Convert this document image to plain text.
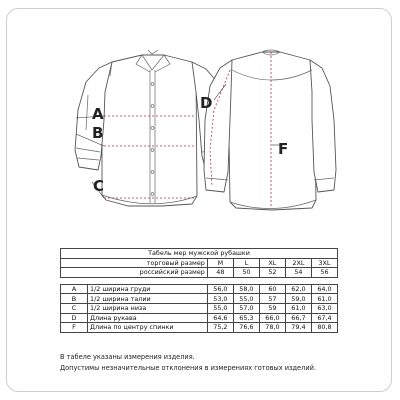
A
B
C
D
F
Табель мер мужской рубашки						
торговый размер		M	L	XL	2XL	3XL
российский размер		48	50	52	54	56

A	1/2 ширина груди	56,0	58,0	60	62,0	64,0
B	1/2 ширина талии	53,0	55,0	57	59,0	61,0
C	1/2 ширина низа	55,0	57,0	59	61,0	63,0
D	Длина рукава	64,6	65,3	66,0	66,7	67,4
F	Длина по центру спинки	75,2	76,6	78,0	79,4	80,8
В табеле указаны измерения изделия.
Допустимы незначительные отклонения в измерениях готовых изделий.
